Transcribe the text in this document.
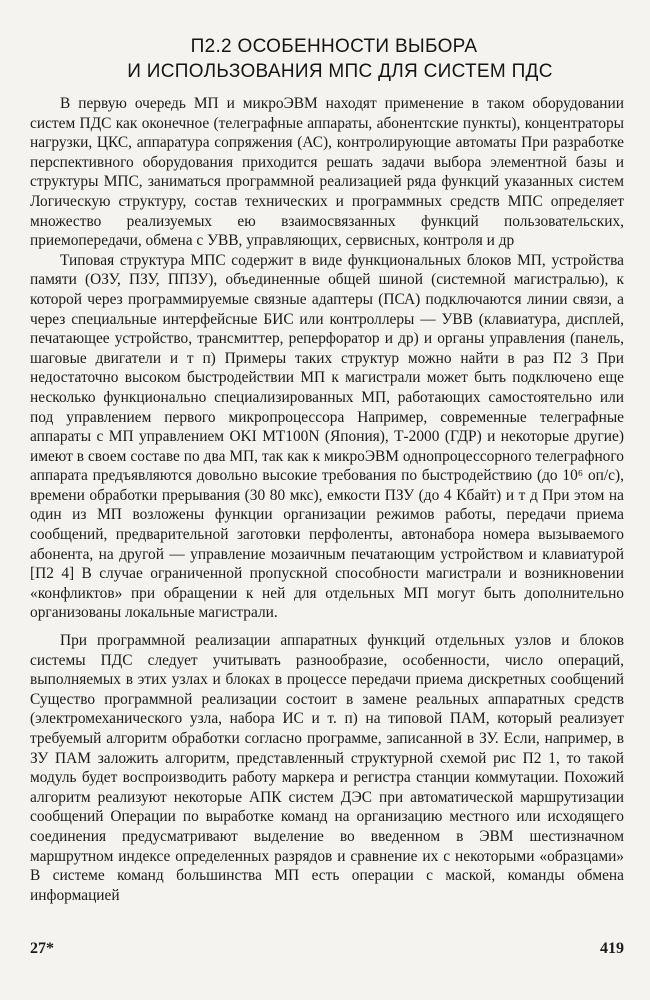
П2.2 ОСОБЕННОСТИ ВЫБОРА
И ИСПОЛЬЗОВАНИЯ МПС ДЛЯ СИСТЕМ ПДС

В первую очередь МП и микроЭВМ находят применение в таком оборудовании систем ПДС как оконечное (телеграфные аппараты, абонентские пункты), концентраторы нагрузки, ЦКС, аппаратура сопряжения (АС), контролирующие автоматы При разработке перспективного оборудования приходится решать задачи выбора элементной базы и структуры МПС, заниматься программной реализацией ряда функций указанных систем Логическую структуру, состав технических и программных средств МПС определяет множество реализуемых ею взаимосвязанных функций пользовательских, приемопередачи, обмена с УВВ, управляющих, сервисных, контроля и др

Типовая структура МПС содержит в виде функциональных блоков МП, устройства памяти (ОЗУ, ПЗУ, ППЗУ), объединенные общей шиной (системной магистралью), к которой через программируемые связные адаптеры (ПСА) подключаются линии связи, а через специальные интерфейсные БИС или контроллеры — УВВ (клавиатура, дисплей, печатающее устройство, трансмиттер, реперфоратор и др) и органы управления (панель, шаговые двигатели и т п) Примеры таких структур можно найти в раз П2 3 При недостаточно высоком быстродействии МП к магистрали может быть подключено еще несколько функционально специализированных МП, работающих самостоятельно или под управлением первого микропроцессора Например, современные телеграфные аппараты с МП управлением OKI MT100N (Япония), Т-2000 (ГДР) и некоторые другие) имеют в своем составе по два МП, так как к микроЭВМ однопроцессорного телеграфного аппарата предъявляются довольно высокие требования по быстродействию (до 10⁶ оп/с), времени обработки прерывания (30 80 мкс), емкости ПЗУ (до 4 Кбайт) и т д При этом на один из МП возложены функции организации режимов работы, передачи приема сообщений, предварительной заготовки перфоленты, автонабора номера вызываемого абонента, на другой — управление мозаичным печатающим устройством и клавиатурой [П2 4] В случае ограниченной пропускной способности магистрали и возникновении «конфликтов» при обращении к ней для отдельных МП могут быть дополнительно организованы локальные магистрали.

При программной реализации аппаратных функций отдельных узлов и блоков системы ПДС следует учитывать разнообразие, особенности, число операций, выполняемых в этих узлах и блоках в процессе передачи приема дискретных сообщений Существо программной реализации состоит в замене реальных аппаратных средств (электромеханического узла, набора ИС и т. п) на типовой ПАМ, который реализует требуемый алгоритм обработки согласно программе, записанной в ЗУ. Если, например, в ЗУ ПАМ заложить алгоритм, представленный структурной схемой рис П2 1, то такой модуль будет воспроизводить работу маркера и регистра станции коммутации. Похожий алгоритм реализуют некоторые АПК систем ДЭС при автоматической маршрутизации сообщений Операции по выработке команд на организацию местного или исходящего соединения предусматривают выделение во введенном в ЭВМ шестизначном маршрутном индексе определенных разрядов и сравнение их с некоторыми «образцами» В системе команд большинства МП есть операции с маской, команды обмена информацией

27*	419
